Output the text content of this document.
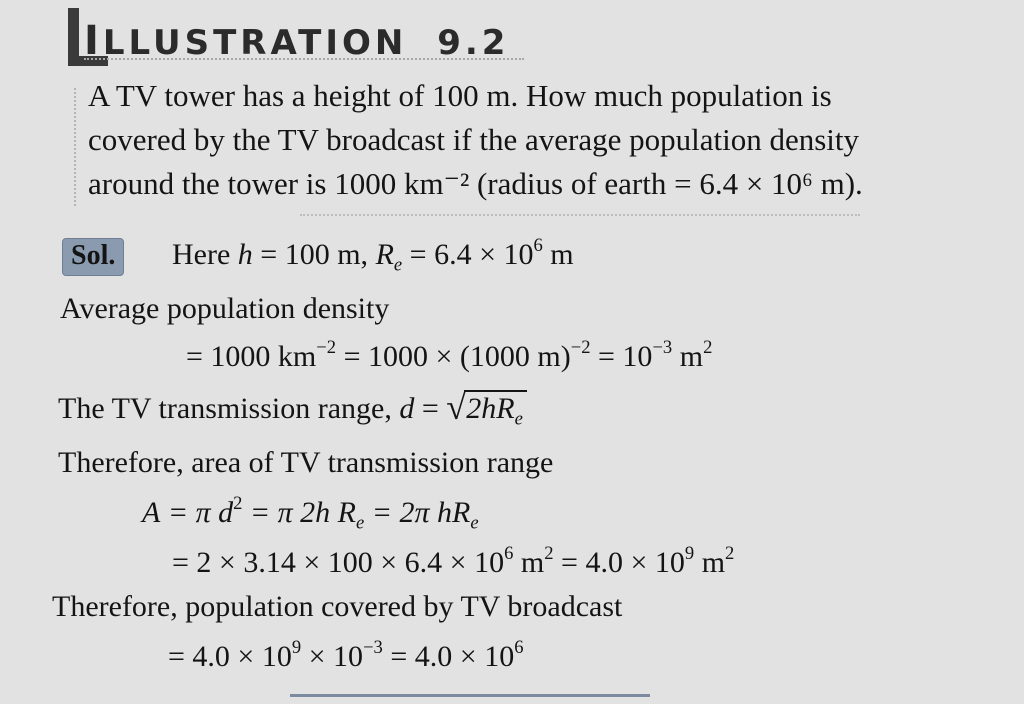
ILLUSTRATION 9.2
A TV tower has a height of 100 m. How much population is
covered by the TV broadcast if the average population density
around the tower is 1000 km⁻² (radius of earth = 6.4 × 10⁶ m).
Sol.	Here h = 100 m, $R_e = 6.4 \times 10^6$ m
Average population density
= 1000 $km^{-2} = 1000 \times (1000$ $m)^{-2} = 10^{-3}$ $m^2$
The TV transmission range, d = √ $2hR_e$
Therefore, area of TV transmission range
A = π $d^2 = \pi$ 2h $R_e = 2\pi$ $hR_e$
= $2 \times 3.14 \times 100 \times 6.4 \times 10^6$ $m^2 = 4.0 \times 10^9$ $m^2$
Therefore, population covered by TV broadcast
= $4.0 \times 10^9 \times 10^{-3} = 4.0 \times 10^6$
